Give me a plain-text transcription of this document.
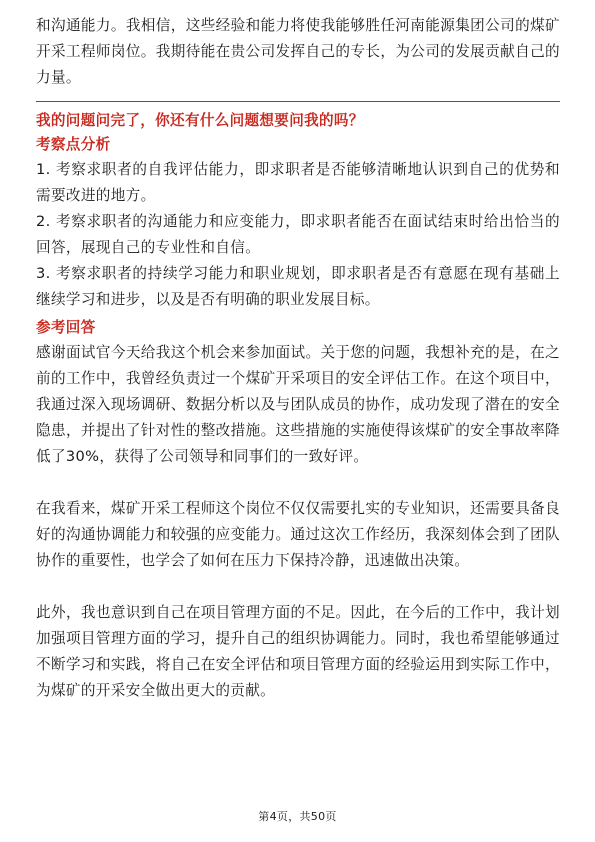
和沟通能力。我相信，这些经验和能力将使我能够胜任河南能源集团公司的煤矿开采工程师岗位。我期待能在贵公司发挥自己的专长，为公司的发展贡献自己的力量。

我的问题问完了，你还有什么问题想要问我的吗？

考察点分析

1. 考察求职者的自我评估能力，即求职者是否能够清晰地认识到自己的优势和需要改进的地方。

2. 考察求职者的沟通能力和应变能力，即求职者能否在面试结束时给出恰当的回答，展现自己的专业性和自信。

3. 考察求职者的持续学习能力和职业规划，即求职者是否有意愿在现有基础上继续学习和进步，以及是否有明确的职业发展目标。

参考回答

感谢面试官今天给我这个机会来参加面试。关于您的问题，我想补充的是，在之前的工作中，我曾经负责过一个煤矿开采项目的安全评估工作。在这个项目中，我通过深入现场调研、数据分析以及与团队成员的协作，成功发现了潜在的安全隐患，并提出了针对性的整改措施。这些措施的实施使得该煤矿的安全事故率降低了30%，获得了公司领导和同事们的一致好评。

在我看来，煤矿开采工程师这个岗位不仅仅需要扎实的专业知识，还需要具备良好的沟通协调能力和较强的应变能力。通过这次工作经历，我深刻体会到了团队协作的重要性，也学会了如何在压力下保持冷静，迅速做出决策。

此外，我也意识到自己在项目管理方面的不足。因此，在今后的工作中，我计划加强项目管理方面的学习，提升自己的组织协调能力。同时，我也希望能够通过不断学习和实践，将自己在安全评估和项目管理方面的经验运用到实际工作中，为煤矿的开采安全做出更大的贡献。

第4页，共50页
